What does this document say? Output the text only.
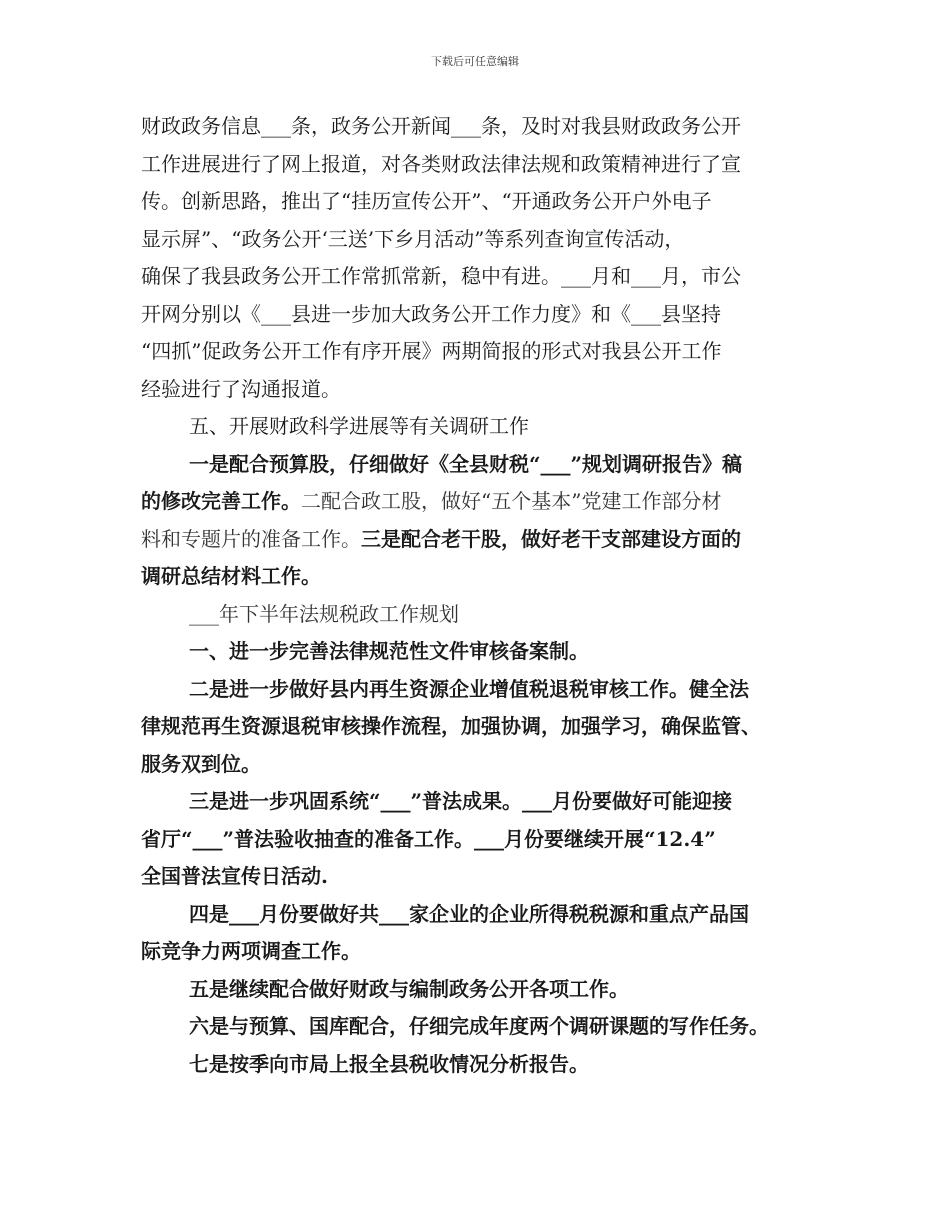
下载后可任意编辑

财政政务信息___条，政务公开新闻___条，及时对我县财政政务公开

工作进展进行了网上报道，对各类财政法律法规和政策精神进行了宣

传。创新思路，推出了“挂历宣传公开”、“开通政务公开户外电子

显示屏”、“政务公开‘三送’下乡月活动”等系列查询宣传活动，

确保了我县政务公开工作常抓常新，稳中有进。___月和___月，市公

开网分别以《___县进一步加大政务公开工作力度》和《___县坚持

“四抓”促政务公开工作有序开展》两期简报的形式对我县公开工作

经验进行了沟通报道。

五、开展财政科学进展等有关调研工作

一是配合预算股，仔细做好《全县财税“___”规划调研报告》稿

的修改完善工作。二配合政工股，做好“五个基本”党建工作部分材

料和专题片的准备工作。三是配合老干股，做好老干支部建设方面的

调研总结材料工作。

___年下半年法规税政工作规划

一、进一步完善法律规范性文件审核备案制。

二是进一步做好县内再生资源企业增值税退税审核工作。健全法

律规范再生资源退税审核操作流程，加强协调，加强学习，确保监管、

服务双到位。

三是进一步巩固系统“___”普法成果。___月份要做好可能迎接

省厅“___”普法验收抽查的准备工作。___月份要继续开展“12.4”

全国普法宣传日活动.

四是___月份要做好共___家企业的企业所得税税源和重点产品国

际竞争力两项调查工作。

五是继续配合做好财政与编制政务公开各项工作。

六是与预算、国库配合，仔细完成年度两个调研课题的写作任务。

七是按季向市局上报全县税收情况分析报告。
